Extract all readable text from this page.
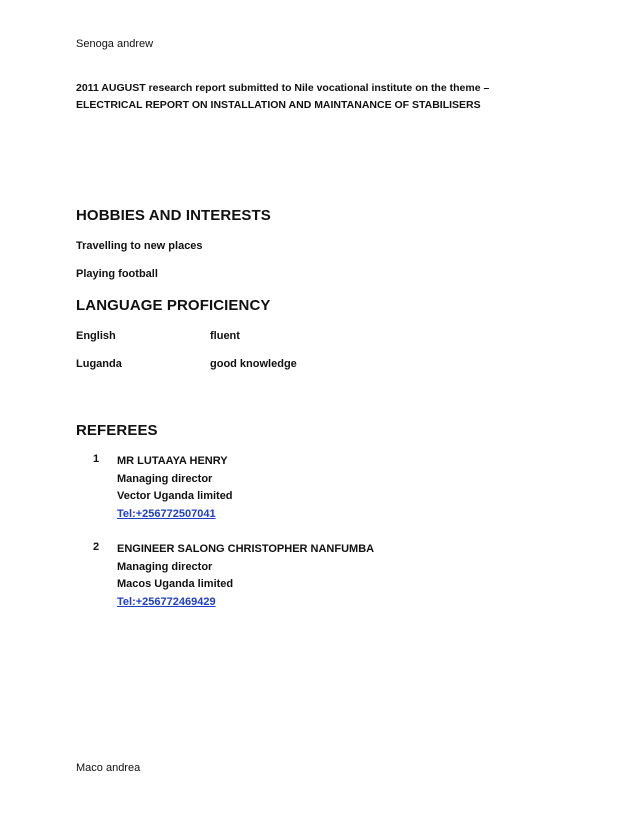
Senoga andrew
2011 AUGUST research report submitted to Nile vocational institute on the theme –
ELECTRICAL REPORT ON INSTALLATION AND MAINTANANCE OF STABILISERS
HOBBIES AND INTERESTS
Travelling to new places
Playing football
LANGUAGE PROFICIENCY
English	fluent
Luganda	good knowledge
REFEREES
1 MR LUTAAYA HENRY
Managing director
Vector Uganda limited
Tel:+256772507041
2 ENGINEER SALONG CHRISTOPHER NANFUMBA
Managing director
Macos Uganda limited
Tel:+256772469429
Maco andrea
